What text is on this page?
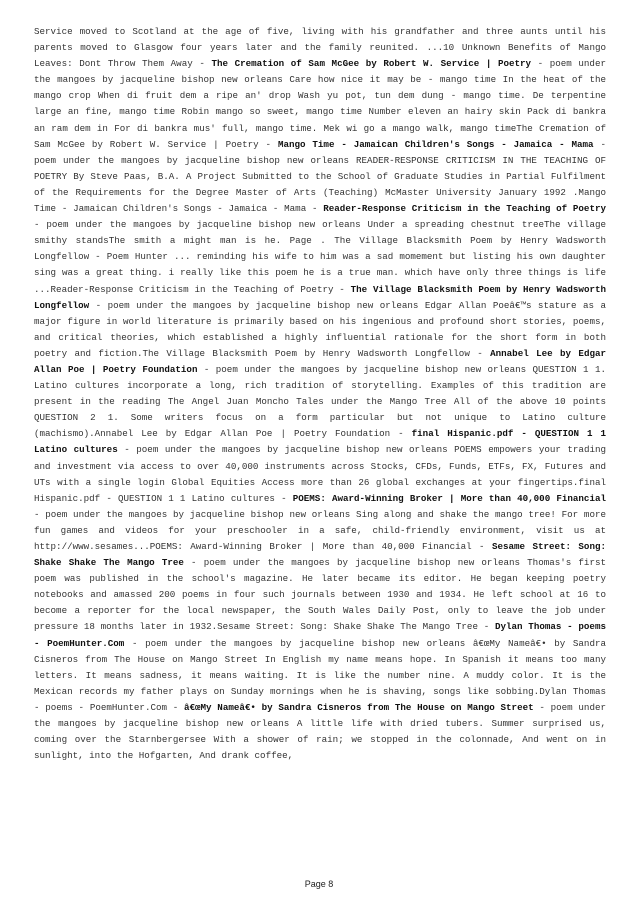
Service moved to Scotland at the age of five, living with his grandfather and three aunts until his parents moved to Glasgow four years later and the family reunited. ...10 Unknown Benefits of Mango Leaves: Dont Throw Them Away - The Cremation of Sam McGee by Robert W. Service | Poetry - poem under the mangoes by jacqueline bishop new orleans Care how nice it may be - mango time In the heat of the mango crop When di fruit dem a ripe an' drop Wash yu pot, tun dem dung - mango time. De terpentine large an fine, mango time Robin mango so sweet, mango time Number eleven an hairy skin Pack di bankra an ram dem in For di bankra mus' full, mango time. Mek wi go a mango walk, mango timeThe Cremation of Sam McGee by Robert W. Service | Poetry - Mango Time - Jamaican Children's Songs - Jamaica - Mama - poem under the mangoes by jacqueline bishop new orleans READER-RESPONSE CRITICISM IN THE TEACHING OF POETRY By Steve Paas, B.A. A Project Submitted to the School of Graduate Studies in Partial Fulfilment of the Requirements for the Degree Master of Arts (Teaching) McMaster University January 1992 .Mango Time - Jamaican Children's Songs - Jamaica - Mama - Reader-Response Criticism in the Teaching of Poetry - poem under the mangoes by jacqueline bishop new orleans Under a spreading chestnut treeThe village smithy standsThe smith a might man is he. Page . The Village Blacksmith Poem by Henry Wadsworth Longfellow - Poem Hunter ... reminding his wife to him was a sad momement but listing his own daughter sing was a great thing. i really like this poem he is a true man. which have only three things is life ...Reader-Response Criticism in the Teaching of Poetry - The Village Blacksmith Poem by Henry Wadsworth Longfellow - poem under the mangoes by jacqueline bishop new orleans Edgar Allan Poeâ€™s stature as a major figure in world literature is primarily based on his ingenious and profound short stories, poems, and critical theories, which established a highly influential rationale for the short form in both poetry and fiction.The Village Blacksmith Poem by Henry Wadsworth Longfellow - Annabel Lee by Edgar Allan Poe | Poetry Foundation - poem under the mangoes by jacqueline bishop new orleans QUESTION 1 1. Latino cultures incorporate a long, rich tradition of storytelling. Examples of this tradition are present in the reading The Angel Juan Moncho Tales under the Mango Tree All of the above 10 points QUESTION 2 1. Some writers focus on a form particular but not unique to Latino culture (machismo).Annabel Lee by Edgar Allan Poe | Poetry Foundation - final Hispanic.pdf - QUESTION 1 1 Latino cultures - poem under the mangoes by jacqueline bishop new orleans POEMS empowers your trading and investment via access to over 40,000 instruments across Stocks, CFDs, Funds, ETFs, FX, Futures and UTs with a single login Global Equities Access more than 26 global exchanges at your fingertips.final Hispanic.pdf - QUESTION 1 1 Latino cultures - POEMS: Award-Winning Broker | More than 40,000 Financial - poem under the mangoes by jacqueline bishop new orleans Sing along and shake the mango tree! For more fun games and videos for your preschooler in a safe, child-friendly environment, visit us at http://www.sesames...POEMS: Award-Winning Broker | More than 40,000 Financial - Sesame Street: Song: Shake Shake The Mango Tree - poem under the mangoes by jacqueline bishop new orleans Thomas's first poem was published in the school's magazine. He later became its editor. He began keeping poetry notebooks and amassed 200 poems in four such journals between 1930 and 1934. He left school at 16 to become a reporter for the local newspaper, the South Wales Daily Post, only to leave the job under pressure 18 months later in 1932.Sesame Street: Song: Shake Shake The Mango Tree - Dylan Thomas - poems - PoemHunter.Com - poem under the mangoes by jacqueline bishop new orleans â€œMy Nameâ€• by Sandra Cisneros from The House on Mango Street In English my name means hope. In Spanish it means too many letters. It means sadness, it means waiting. It is like the number nine. A muddy color. It is the Mexican records my father plays on Sunday mornings when he is shaving, songs like sobbing.Dylan Thomas - poems - PoemHunter.Com - â€œMy Nameâ€• by Sandra Cisneros from The House on Mango Street - poem under the mangoes by jacqueline bishop new orleans A little life with dried tubers. Summer surprised us, coming over the Starnbergersee With a shower of rain; we stopped in the colonnade, And went on in sunlight, into the Hofgarten, And drank coffee,
Page 8
